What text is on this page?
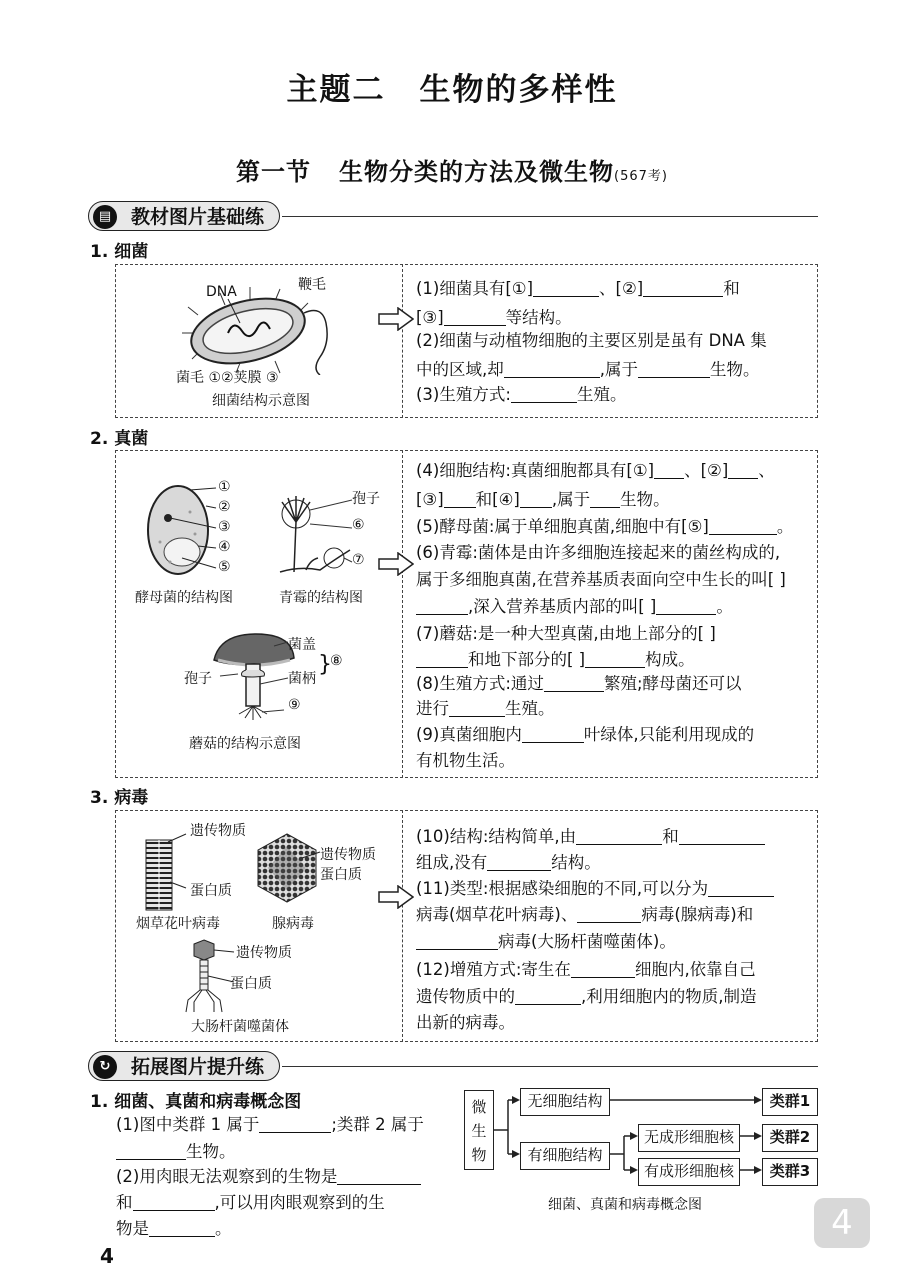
主题二 生物的多样性
第一节 生物分类的方法及微生物(567考)
▤	教材图片基础练
1. 细菌
DNA	鞭毛
菌毛 ①②荚膜 ③
细菌结构示意图
(1)细菌具有[①]	、[②]	和
[③]	等结构。
(2)细菌与动植物细胞的主要区别是虽有 DNA 集
中的区域,却	,属于	生物。
(3)生殖方式:	生殖。
2. 真菌
①
②
③
④
⑤
酵母菌的结构图
孢子
⑥
⑦
青霉的结构图
菌盖
菌柄
}
⑧
孢子
⑨
蘑菇的结构示意图
(4)细胞结构:真菌细胞都具有[①] 、[②] 、
[③] 和[④] ,属于 生物。
(5)酵母菌:属于单细胞真菌,细胞中有[⑤]	。
(6)青霉:菌体是由许多细胞连接起来的菌丝构成的,
属于多细胞真菌,在营养基质表面向空中生长的叫[ ]
,深入营养基质内部的叫[ ]	。
(7)蘑菇:是一种大型真菌,由地上部分的[ ]
和地下部分的[ ]	构成。
(8)生殖方式:通过	繁殖;酵母菌还可以
进行	生殖。
(9)真菌细胞内	叶绿体,只能利用现成的
有机物生活。
3. 病毒
遗传物质
蛋白质
烟草花叶病毒
遗传物质
蛋白质
腺病毒
遗传物质
蛋白质
大肠杆菌噬菌体
(10)结构:结构简单,由	和
组成,没有	结构。
(11)类型:根据感染细胞的不同,可以分为
病毒(烟草花叶病毒)、	病毒(腺病毒)和
病毒(大肠杆菌噬菌体)。
(12)增殖方式:寄生在	细胞内,依靠自己
遗传物质中的	,利用细胞内的物质,制造
出新的病毒。
↻	拓展图片提升练
1. 细菌、真菌和病毒概念图
(1)图中类群 1 属于	;类群 2 属于
生物。
(2)用肉眼无法观察到的生物是
和	,可以用肉眼观察到的生
物是	。
微生物
无细胞结构
有细胞结构
无成形细胞核
有成形细胞核
类群1
类群2
类群3
细菌、真菌和病毒概念图
4
4
